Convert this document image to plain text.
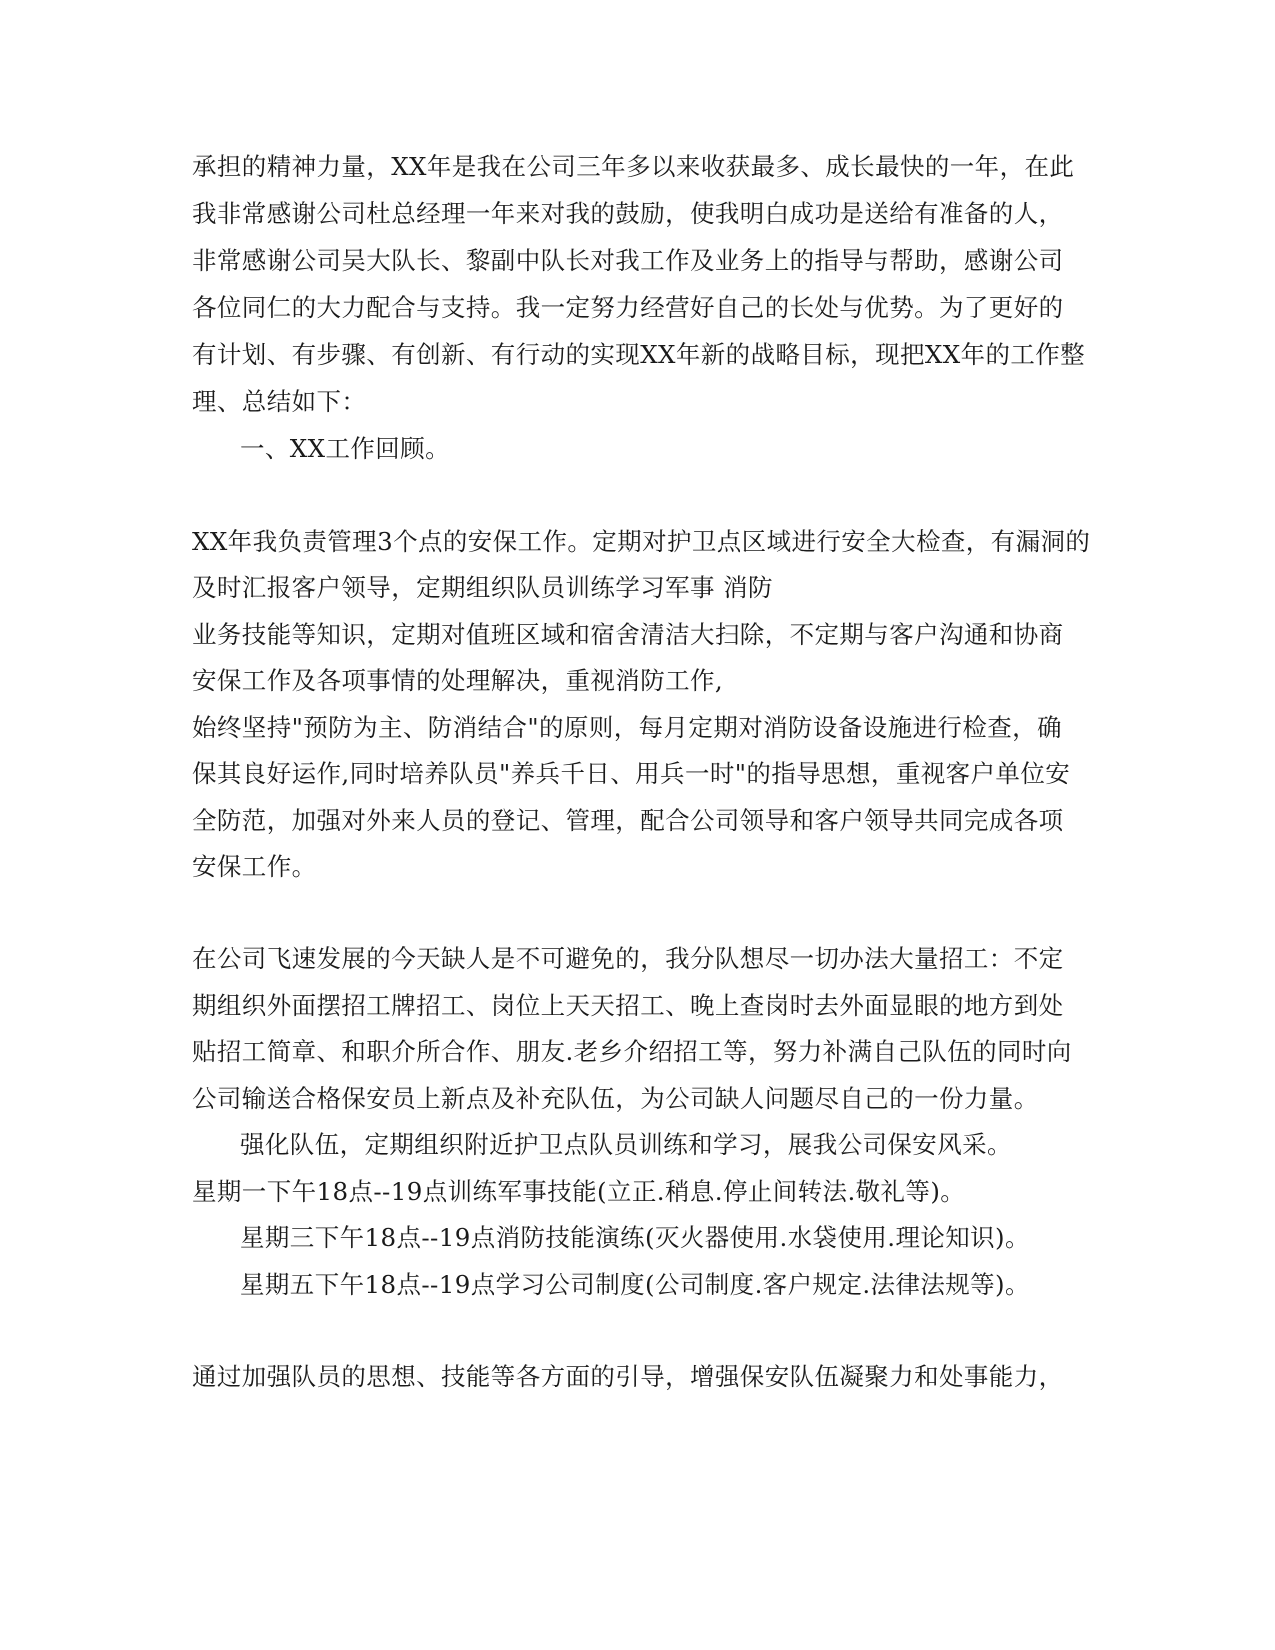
承担的精神力量，XX年是我在公司三年多以来收获最多、成长最快的一年，在此
我非常感谢公司杜总经理一年来对我的鼓励，使我明白成功是送给有准备的人，
非常感谢公司吴大队长、黎副中队长对我工作及业务上的指导与帮助，感谢公司
各位同仁的大力配合与支持。我一定努力经营好自己的长处与优势。为了更好的
有计划、有步骤、有创新、有行动的实现XX年新的战略目标，现把XX年的工作整
理、总结如下：
一、XX工作回顾。
XX年我负责管理3个点的安保工作。定期对护卫点区域进行安全大检查，有漏洞的
及时汇报客户领导，定期组织队员训练学习军事 消防
业务技能等知识，定期对值班区域和宿舍清洁大扫除，不定期与客户沟通和协商
安保工作及各项事情的处理解决，重视消防工作,
始终坚持"预防为主、防消结合"的原则，每月定期对消防设备设施进行检查，确
保其良好运作,同时培养队员"养兵千日、用兵一时"的指导思想，重视客户单位安
全防范，加强对外来人员的登记、管理，配合公司领导和客户领导共同完成各项
安保工作。
在公司飞速发展的今天缺人是不可避免的，我分队想尽一切办法大量招工：不定
期组织外面摆招工牌招工、岗位上天天招工、晚上查岗时去外面显眼的地方到处
贴招工简章、和职介所合作、朋友.老乡介绍招工等，努力补满自己队伍的同时向
公司输送合格保安员上新点及补充队伍，为公司缺人问题尽自己的一份力量。
强化队伍，定期组织附近护卫点队员训练和学习，展我公司保安风采。
星期一下午18点--19点训练军事技能(立正.稍息.停止间转法.敬礼等)。
星期三下午18点--19点消防技能演练(灭火器使用.水袋使用.理论知识)。
星期五下午18点--19点学习公司制度(公司制度.客户规定.法律法规等)。
通过加强队员的思想、技能等各方面的引导，增强保安队伍凝聚力和处事能力，
